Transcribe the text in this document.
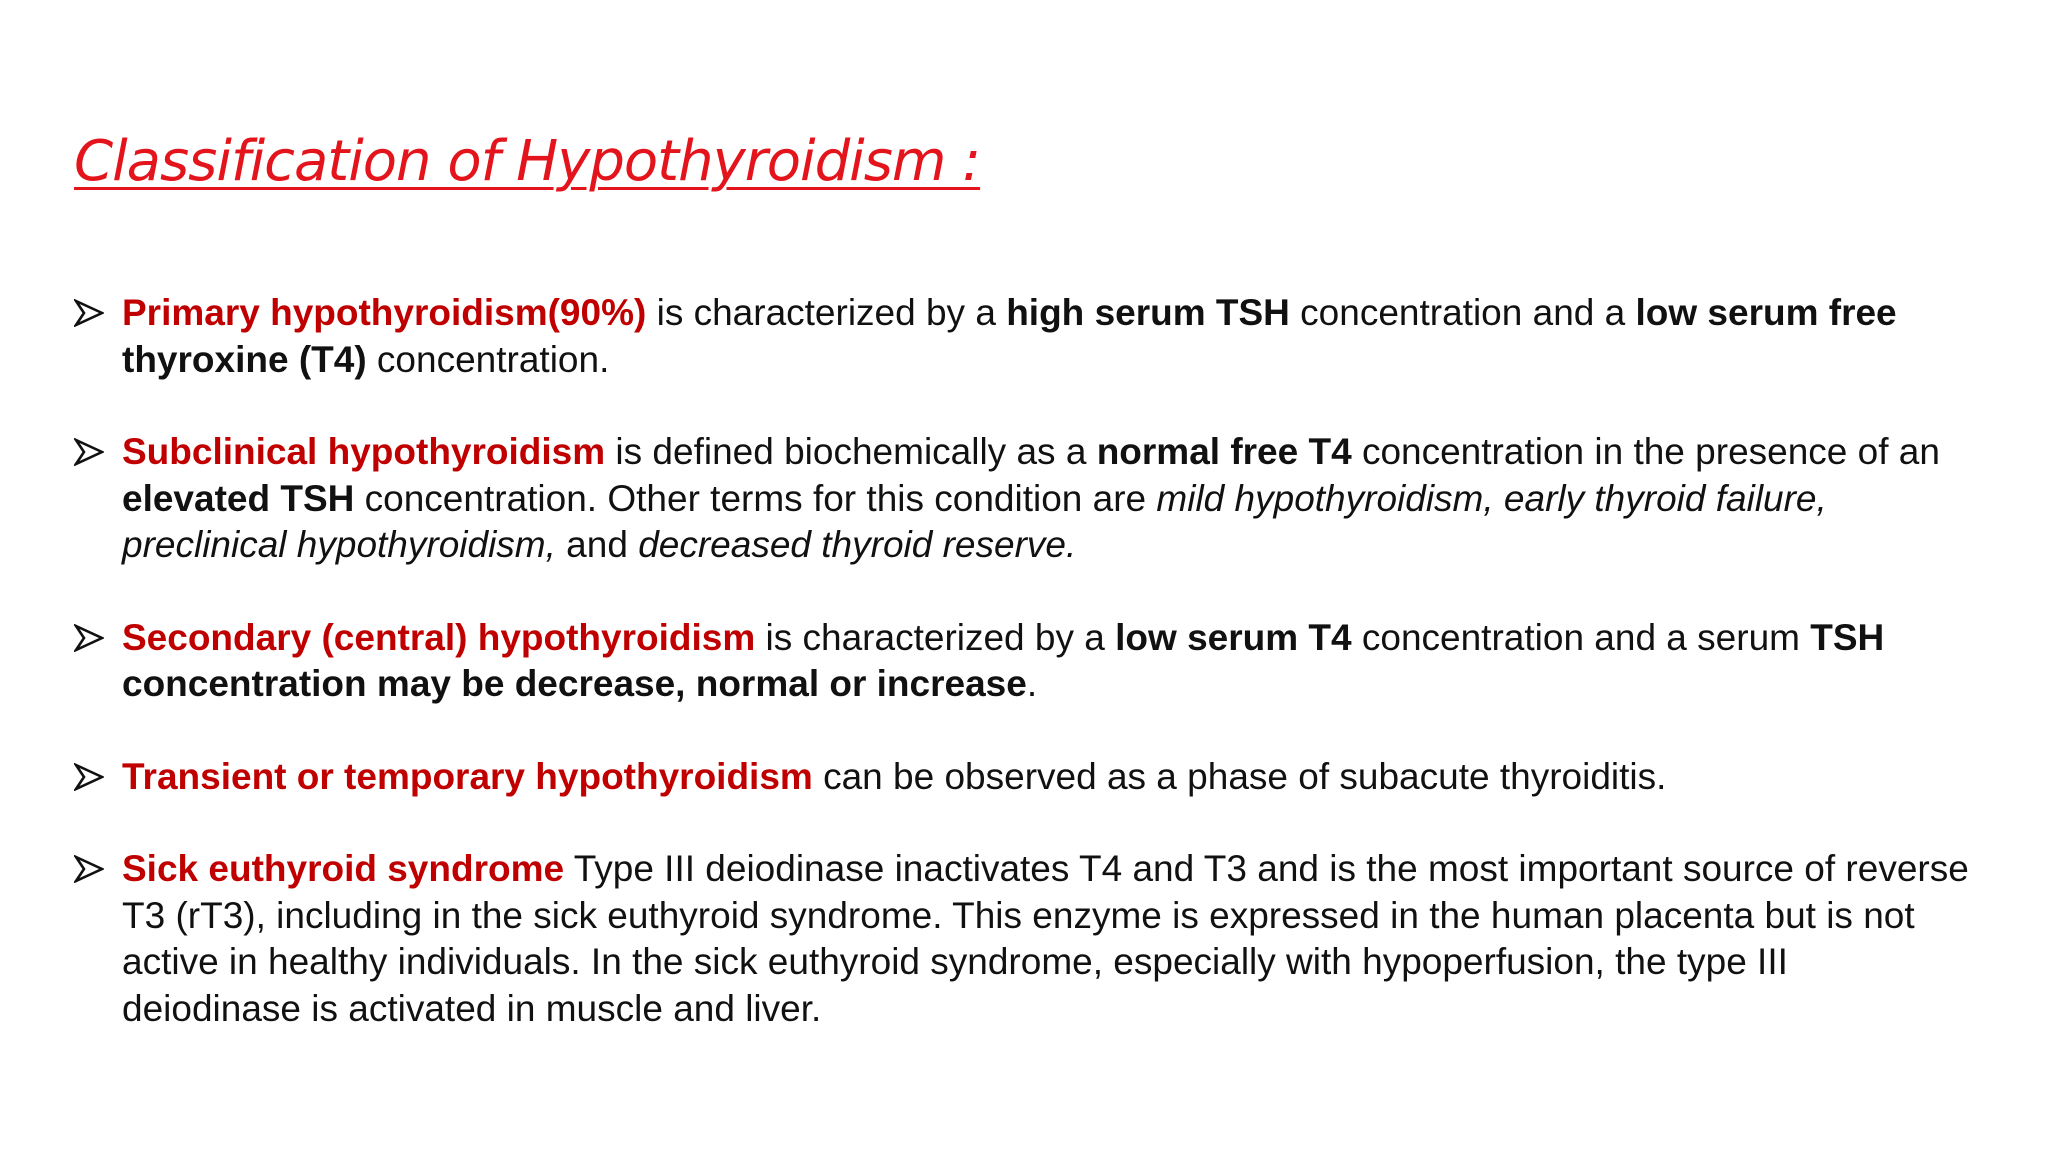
Classification of Hypothyroidism :
Primary hypothyroidism(90%) is characterized by a high serum TSH concentration and a low serum free thyroxine (T4) concentration.
Subclinical hypothyroidism is defined biochemically as a normal free T4 concentration in the presence of an elevated TSH concentration. Other terms for this condition are mild hypothyroidism, early thyroid failure, preclinical hypothyroidism, and decreased thyroid reserve.
Secondary (central) hypothyroidism is characterized by a low serum T4 concentration and a serum TSH concentration may be decrease, normal or increase.
Transient or temporary hypothyroidism can be observed as a phase of subacute thyroiditis.
Sick euthyroid syndrome Type III deiodinase inactivates T4 and T3 and is the most important source of reverse T3 (rT3), including in the sick euthyroid syndrome. This enzyme is expressed in the human placenta but is not active in healthy individuals. In the sick euthyroid syndrome, especially with hypoperfusion, the type III deiodinase is activated in muscle and liver.
